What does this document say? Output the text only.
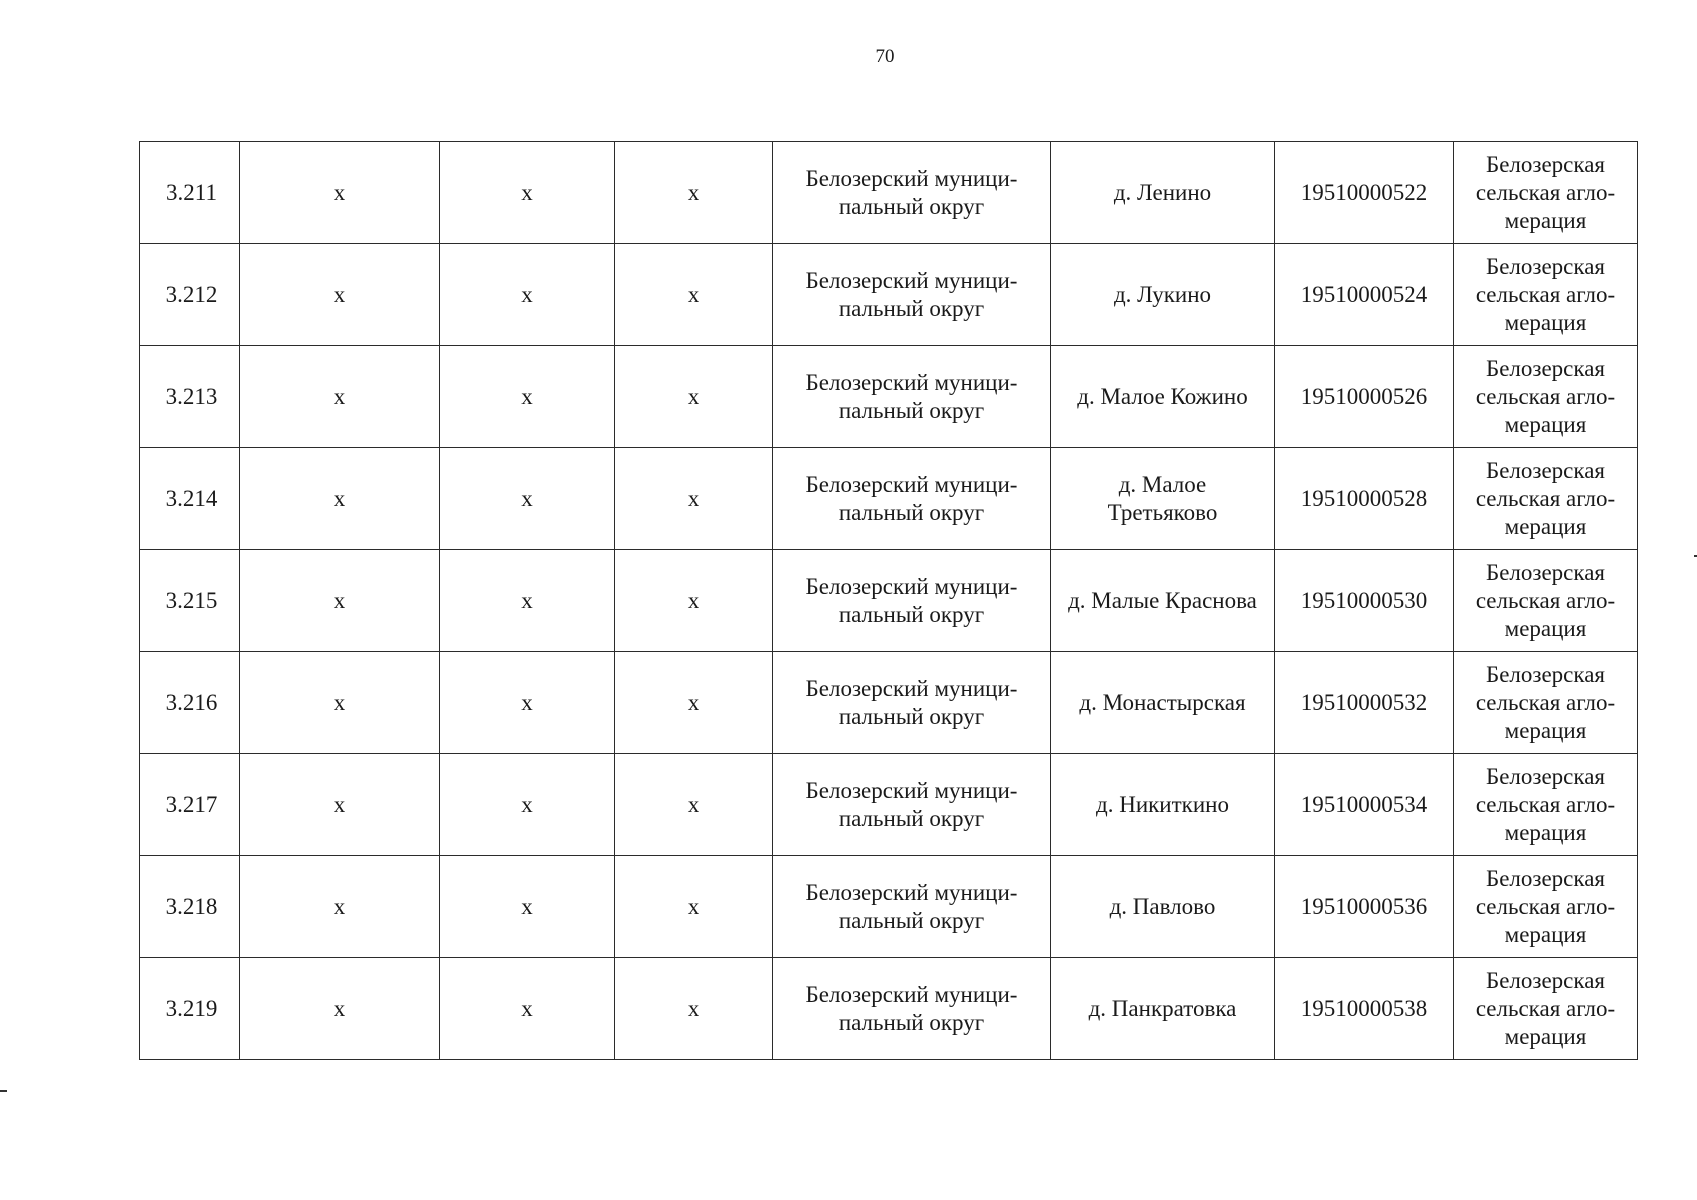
70
3.211	x	x	x	Белозерский муници-
пальный округ	д. Ленино	19510000522	Белозерская
сельская агло-
мерация
3.212	x	x	x	Белозерский муници-
пальный округ	д. Лукино	19510000524	Белозерская
сельская агло-
мерация
3.213	x	x	x	Белозерский муници-
пальный округ	д. Малое Кожино	19510000526	Белозерская
сельская агло-
мерация
3.214	x	x	x	Белозерский муници-
пальный округ	д. Малое
Третьяково	19510000528	Белозерская
сельская агло-
мерация
3.215	x	x	x	Белозерский муници-
пальный округ	д. Малые Краснова	19510000530	Белозерская
сельская агло-
мерация
3.216	x	x	x	Белозерский муници-
пальный округ	д. Монастырская	19510000532	Белозерская
сельская агло-
мерация
3.217	x	x	x	Белозерский муници-
пальный округ	д. Никиткино	19510000534	Белозерская
сельская агло-
мерация
3.218	x	x	x	Белозерский муници-
пальный округ	д. Павлово	19510000536	Белозерская
сельская агло-
мерация
3.219	x	x	x	Белозерский муници-
пальный округ	д. Панкратовка	19510000538	Белозерская
сельская агло-
мерация
